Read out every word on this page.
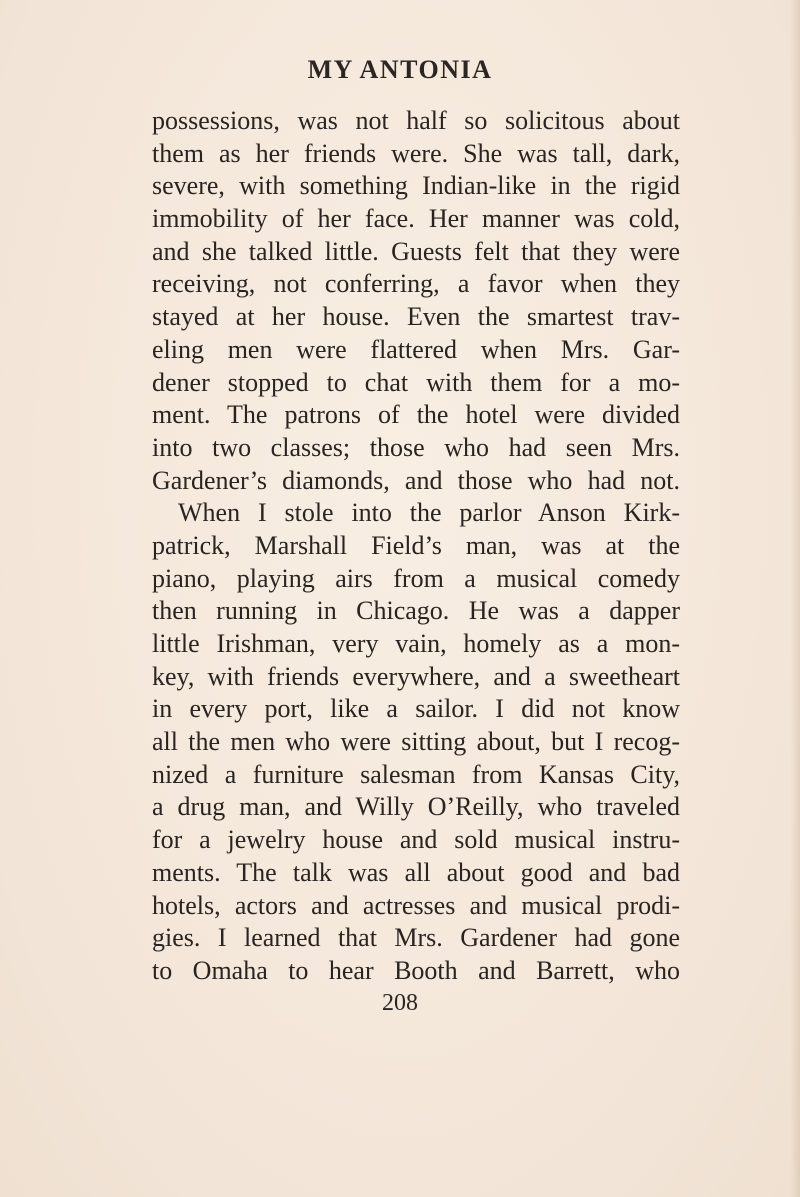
MY ANTONIA
possessions, was not half so solicitous about
them as her friends were. She was tall, dark,
severe, with something Indian-like in the rigid
immobility of her face. Her manner was cold,
and she talked little. Guests felt that they were
receiving, not conferring, a favor when they
stayed at her house. Even the smartest trav-
eling men were flattered when Mrs. Gar-
dener stopped to chat with them for a mo-
ment. The patrons of the hotel were divided
into two classes; those who had seen Mrs.
Gardener’s diamonds, and those who had not.
When I stole into the parlor Anson Kirk-
patrick, Marshall Field’s man, was at the
piano, playing airs from a musical comedy
then running in Chicago. He was a dapper
little Irishman, very vain, homely as a mon-
key, with friends everywhere, and a sweetheart
in every port, like a sailor. I did not know
all the men who were sitting about, but I recog-
nized a furniture salesman from Kansas City,
a drug man, and Willy O’Reilly, who traveled
for a jewelry house and sold musical instru-
ments. The talk was all about good and bad
hotels, actors and actresses and musical prodi-
gies. I learned that Mrs. Gardener had gone
to Omaha to hear Booth and Barrett, who
208
